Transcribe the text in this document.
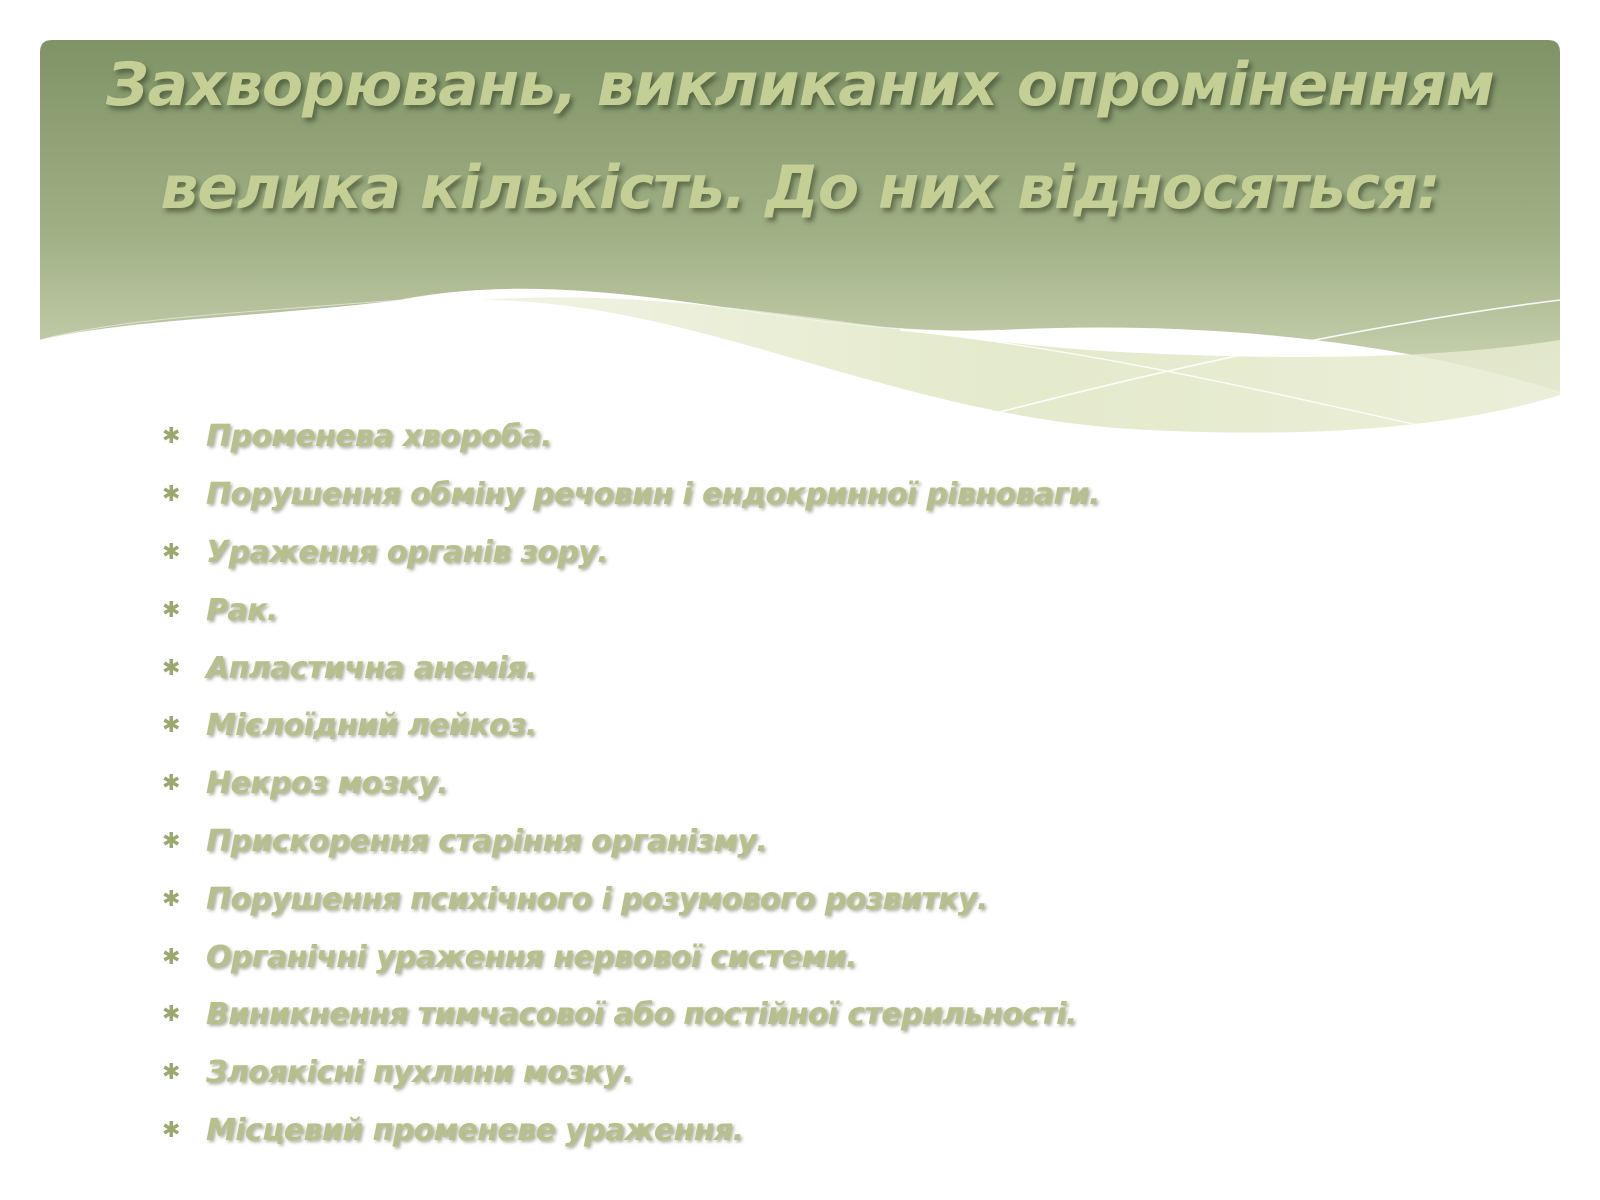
Захворювань, викликаних опроміненням велика кількість. До них відносяться:
✱ Променева хвороба.
✱ Порушення обміну речовин і ендокринної рівноваги.
✱ Ураження органів зору.
✱ Рак.
✱ Апластична анемія.
✱ Мієлоїдний лейкоз.
✱ Некроз мозку.
✱ Прискорення старіння організму.
✱ Порушення психічного і розумового розвитку.
✱ Органічні ураження нервової системи.
✱ Виникнення тимчасової або постійної стерильності.
✱ Злоякісні пухлини мозку.
✱ Місцевий променеве ураження.
